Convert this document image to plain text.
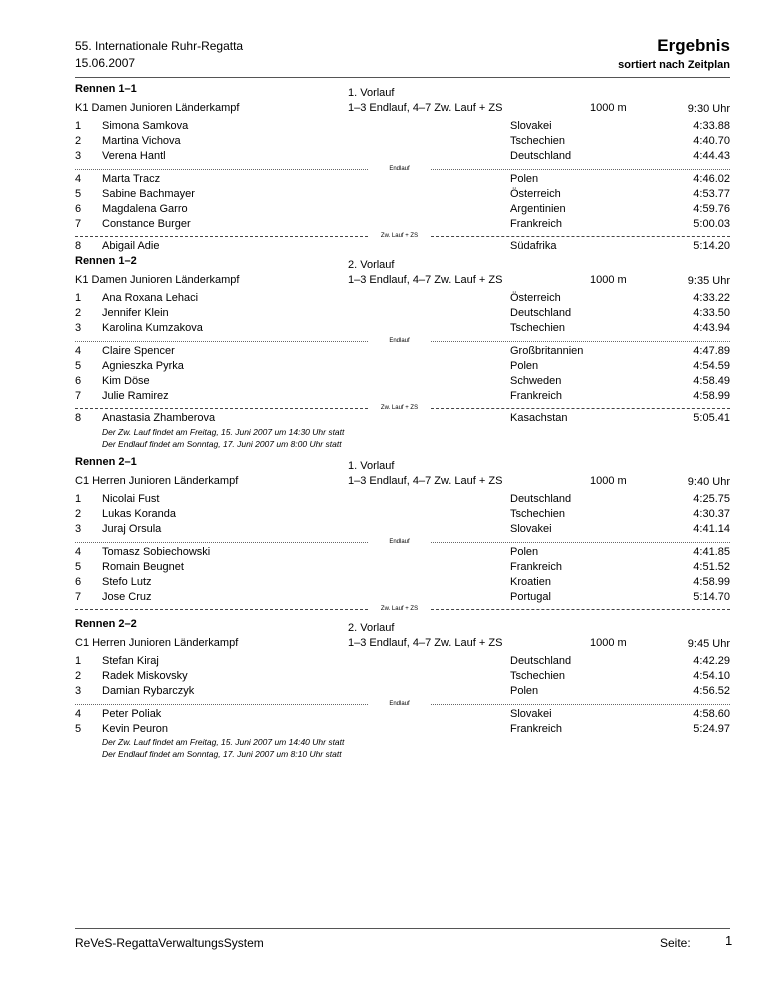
55. Internationale Ruhr-Regatta
15.06.2007
Ergebnis
sortiert nach Zeitplan
Rennen 1–1
K1 Damen Junioren Länderkampf
1. Vorlauf
1–3 Endlauf, 4–7 Zw. Lauf + ZS	1000 m	9:30 Uhr
1 Simona Samkova	Slovakei	4:33.88
2 Martina Vichova	Tschechien	4:40.70
3 Verena Hantl	Deutschland	4:44.43
Endlauf
4 Marta Tracz	Polen	4:46.02
5 Sabine Bachmayer	Österreich	4:53.77
6 Magdalena Garro	Argentinien	4:59.76
7 Constance Burger	Frankreich	5:00.03
Zw. Lauf + ZS
8 Abigail Adie	Südafrika	5:14.20
Rennen 1–2
K1 Damen Junioren Länderkampf
2. Vorlauf
1–3 Endlauf, 4–7 Zw. Lauf + ZS	1000 m	9:35 Uhr
1 Ana Roxana Lehaci	Österreich	4:33.22
2 Jennifer Klein	Deutschland	4:33.50
3 Karolina Kumzakova	Tschechien	4:43.94
Endlauf
4 Claire Spencer	Großbritannien	4:47.89
5 Agnieszka Pyrka	Polen	4:54.59
6 Kim Döse	Schweden	4:58.49
7 Julie Ramirez	Frankreich	4:58.99
Zw. Lauf + ZS
8 Anastasia Zhamberova	Kasachstan	5:05.41
Der Zw. Lauf findet am Freitag, 15. Juni 2007 um 14:30 Uhr statt
Der Endlauf findet am Sonntag, 17. Juni 2007 um 8:00 Uhr statt
Rennen 2–1
C1 Herren Junioren Länderkampf
1. Vorlauf
1–3 Endlauf, 4–7 Zw. Lauf + ZS	1000 m	9:40 Uhr
1 Nicolai Fust	Deutschland	4:25.75
2 Lukas Koranda	Tschechien	4:30.37
3 Juraj Orsula	Slovakei	4:41.14
Endlauf
4 Tomasz Sobiechowski	Polen	4:41.85
5 Romain Beugnet	Frankreich	4:51.52
6 Stefo Lutz	Kroatien	4:58.99
7 Jose Cruz	Portugal	5:14.70
Zw. Lauf + ZS
Rennen 2–2
C1 Herren Junioren Länderkampf
2. Vorlauf
1–3 Endlauf, 4–7 Zw. Lauf + ZS	1000 m	9:45 Uhr
1 Stefan Kiraj	Deutschland	4:42.29
2 Radek Miskovsky	Tschechien	4:54.10
3 Damian Rybarczyk	Polen	4:56.52
Endlauf
4 Peter Poliak	Slovakei	4:58.60
5 Kevin Peuron	Frankreich	5:24.97
Der Zw. Lauf findet am Freitag, 15. Juni 2007 um 14:40 Uhr statt
Der Endlauf findet am Sonntag, 17. Juni 2007 um 8:10 Uhr statt
ReVeS-RegattaVerwaltungsSystem	Seite:	1
